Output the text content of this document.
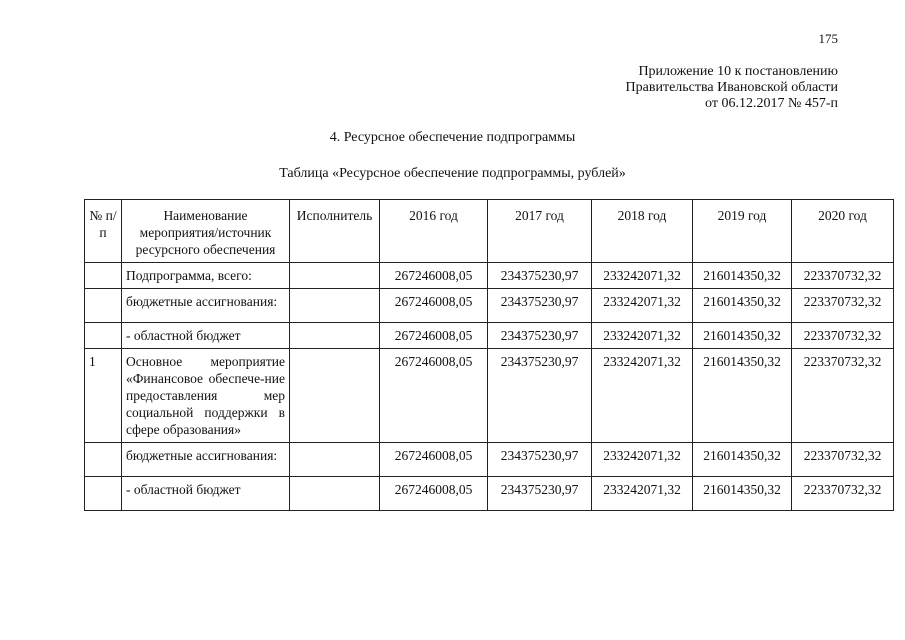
175
Приложение 10 к постановлению
Правительства Ивановской области
от 06.12.2017 № 457-п
4. Ресурсное обеспечение подпрограммы
Таблица «Ресурсное обеспечение подпрограммы, рублей»
№ п/п	Наименование мероприятия/источник ресурсного обеспечения	Исполнитель	2016 год	2017 год	2018 год	2019 год	2020 год
	Подпрограмма, всего:		267246008,05	234375230,97	233242071,32	216014350,32	223370732,32
	бюджетные ассигнования:		267246008,05	234375230,97	233242071,32	216014350,32	223370732,32
	- областной бюджет		267246008,05	234375230,97	233242071,32	216014350,32	223370732,32
1	Основное мероприятие «Финансовое обеспече-ние предоставления мер социальной поддержки в сфере образования»		267246008,05	234375230,97	233242071,32	216014350,32	223370732,32
	бюджетные ассигнования:		267246008,05	234375230,97	233242071,32	216014350,32	223370732,32
	- областной бюджет		267246008,05	234375230,97	233242071,32	216014350,32	223370732,32
